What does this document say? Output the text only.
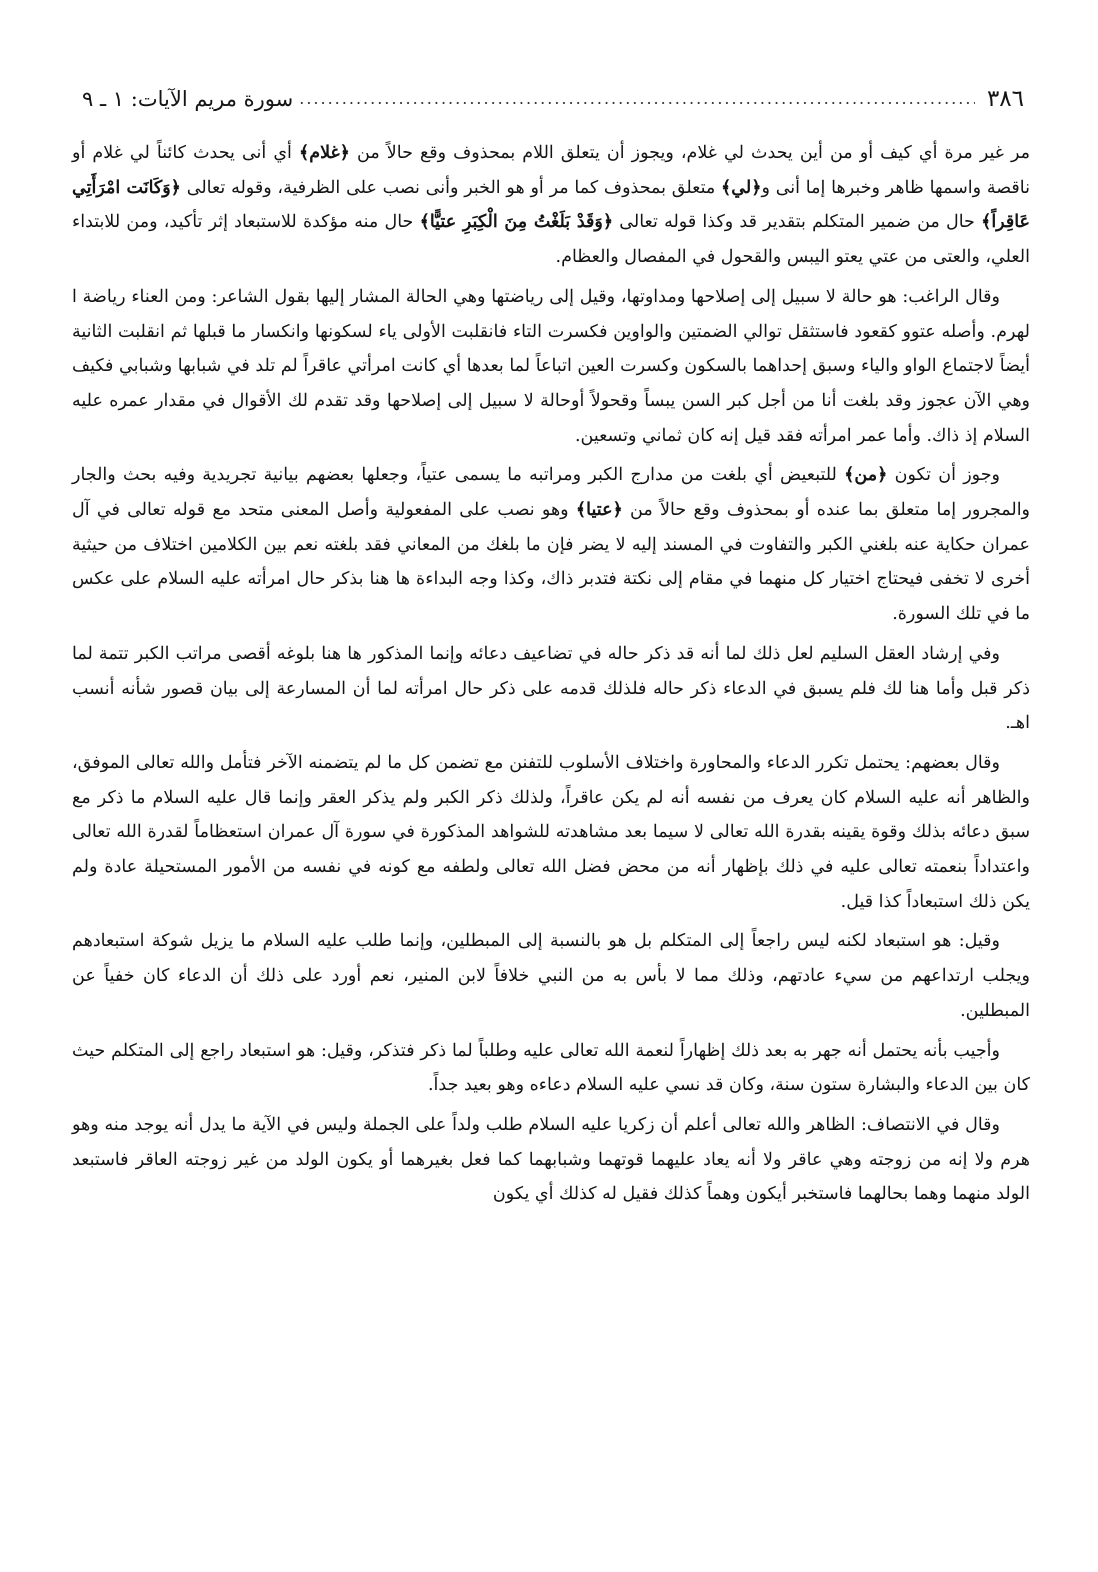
٣٨٦
.....
سورة مريم الآيات: ١ ـ ٩

مر غير مرة أي كيف أو من أين يحدث لي غلام، ويجوز أن يتعلق اللام بمحذوف وقع حالاً من ﴿غلام﴾ أي أنى يحدث كائناً لي غلام أو ناقصة واسمها ظاهر وخبرها إما أنى و﴿لي﴾ متعلق بمحذوف كما مر أو هو الخبر وأنى نصب على الظرفية، وقوله تعالى ﴿وَكَانَت امْرَأَتِي عَاقِراً﴾ حال من ضمير المتكلم بتقدير قد وكذا قوله تعالى ﴿وَقَدْ بَلَغْتُ مِنَ الْكِبَرِ عتيًّا﴾ حال منه مؤكدة للاستبعاد إثر تأكيد، ومن للابتداء العلي، والعتى من عتي يعتو اليبس والقحول في المفصال والعظام.

وقال الراغب: هو حالة لا سبيل إلى إصلاحها ومداوتها، وقيل إلى رياضتها وهي الحالة المشار إليها بقول الشاعر: ومن العناء رياضة ا لهرم. وأصله عتوو كقعود فاستثقل توالي الضمتين والواوين فكسرت التاء فانقلبت الأولى ياء لسكونها وانكسار ما قبلها ثم انقلبت الثانية أيضاً لاجتماع الواو والياء وسبق إحداهما بالسكون وكسرت العين اتباعاً لما بعدها أي كانت امرأتي عاقراً لم تلد في شبابها وشبابي فكيف وهي الآن عجوز وقد بلغت أنا من أجل كبر السن يبساً وقحولاً أوحالة لا سبيل إلى إصلاحها وقد تقدم لك الأقوال في مقدار عمره عليه السلام إذ ذاك. وأما عمر امرأته فقد قيل إنه كان ثماني وتسعين.

وجوز أن تكون ﴿من﴾ للتبعيض أي بلغت من مدارج الكبر ومراتبه ما يسمى عتياً، وجعلها بعضهم بيانية تجريدية وفيه بحث والجار والمجرور إما متعلق بما عنده أو بمحذوف وقع حالاً من ﴿عتيا﴾ وهو نصب على المفعولية وأصل المعنى متحد مع قوله تعالى في آل عمران حكاية عنه بلغني الكبر والتفاوت في المسند إليه لا يضر فإن ما بلغك من المعاني فقد بلغته نعم بين الكلامين اختلاف من حيثية أخرى لا تخفى فيحتاج اختيار كل منهما في مقام إلى نكتة فتدبر ذاك، وكذا وجه البداءة ها هنا بذكر حال امرأته عليه السلام على عكس ما في تلك السورة.

وفي إرشاد العقل السليم لعل ذلك لما أنه قد ذكر حاله في تضاعيف دعائه وإنما المذكور ها هنا بلوغه أقصى مراتب الكبر تتمة لما ذكر قبل وأما هنا لك فلم يسبق في الدعاء ذكر حاله فلذلك قدمه على ذكر حال امرأته لما أن المسارعة إلى بيان قصور شأنه أنسب اهـ.

وقال بعضهم: يحتمل تكرر الدعاء والمحاورة واختلاف الأسلوب للتفنن مع تضمن كل ما لم يتضمنه الآخر فتأمل والله تعالى الموفق، والظاهر أنه عليه السلام كان يعرف من نفسه أنه لم يكن عاقراً، ولذلك ذكر الكبر ولم يذكر العقر وإنما قال عليه السلام ما ذكر مع سبق دعائه بذلك وقوة يقينه بقدرة الله تعالى لا سيما بعد مشاهدته للشواهد المذكورة في سورة آل عمران استعظاماً لقدرة الله تعالى واعتداداً بنعمته تعالى عليه في ذلك بإظهار أنه من محض فضل الله تعالى ولطفه مع كونه في نفسه من الأمور المستحيلة عادة ولم يكن ذلك استبعاداً كذا قيل.

وقيل: هو استبعاد لكنه ليس راجعاً إلى المتكلم بل هو بالنسبة إلى المبطلين، وإنما طلب عليه السلام ما يزيل شوكة استبعادهم ويجلب ارتداعهم من سيء عادتهم، وذلك مما لا بأس به من النبي خلافاً لابن المنير، نعم أورد على ذلك أن الدعاء كان خفياً عن المبطلين.

وأجيب بأنه يحتمل أنه جهر به بعد ذلك إظهاراً لنعمة الله تعالى عليه وطلباً لما ذكر فتذكر، وقيل: هو استبعاد راجع إلى المتكلم حيث كان بين الدعاء والبشارة ستون سنة، وكان قد نسي عليه السلام دعاءه وهو بعيد جداً.

وقال في الانتصاف: الظاهر والله تعالى أعلم أن زكريا عليه السلام طلب ولداً على الجملة وليس في الآية ما يدل أنه يوجد منه وهو هرم ولا إنه من زوجته وهي عاقر ولا أنه يعاد عليهما قوتهما وشبابهما كما فعل بغيرهما أو يكون الولد من غير زوجته العاقر فاستبعد الولد منهما وهما بحالهما فاستخبر أيكون وهماً كذلك فقيل له كذلك أي يكون
